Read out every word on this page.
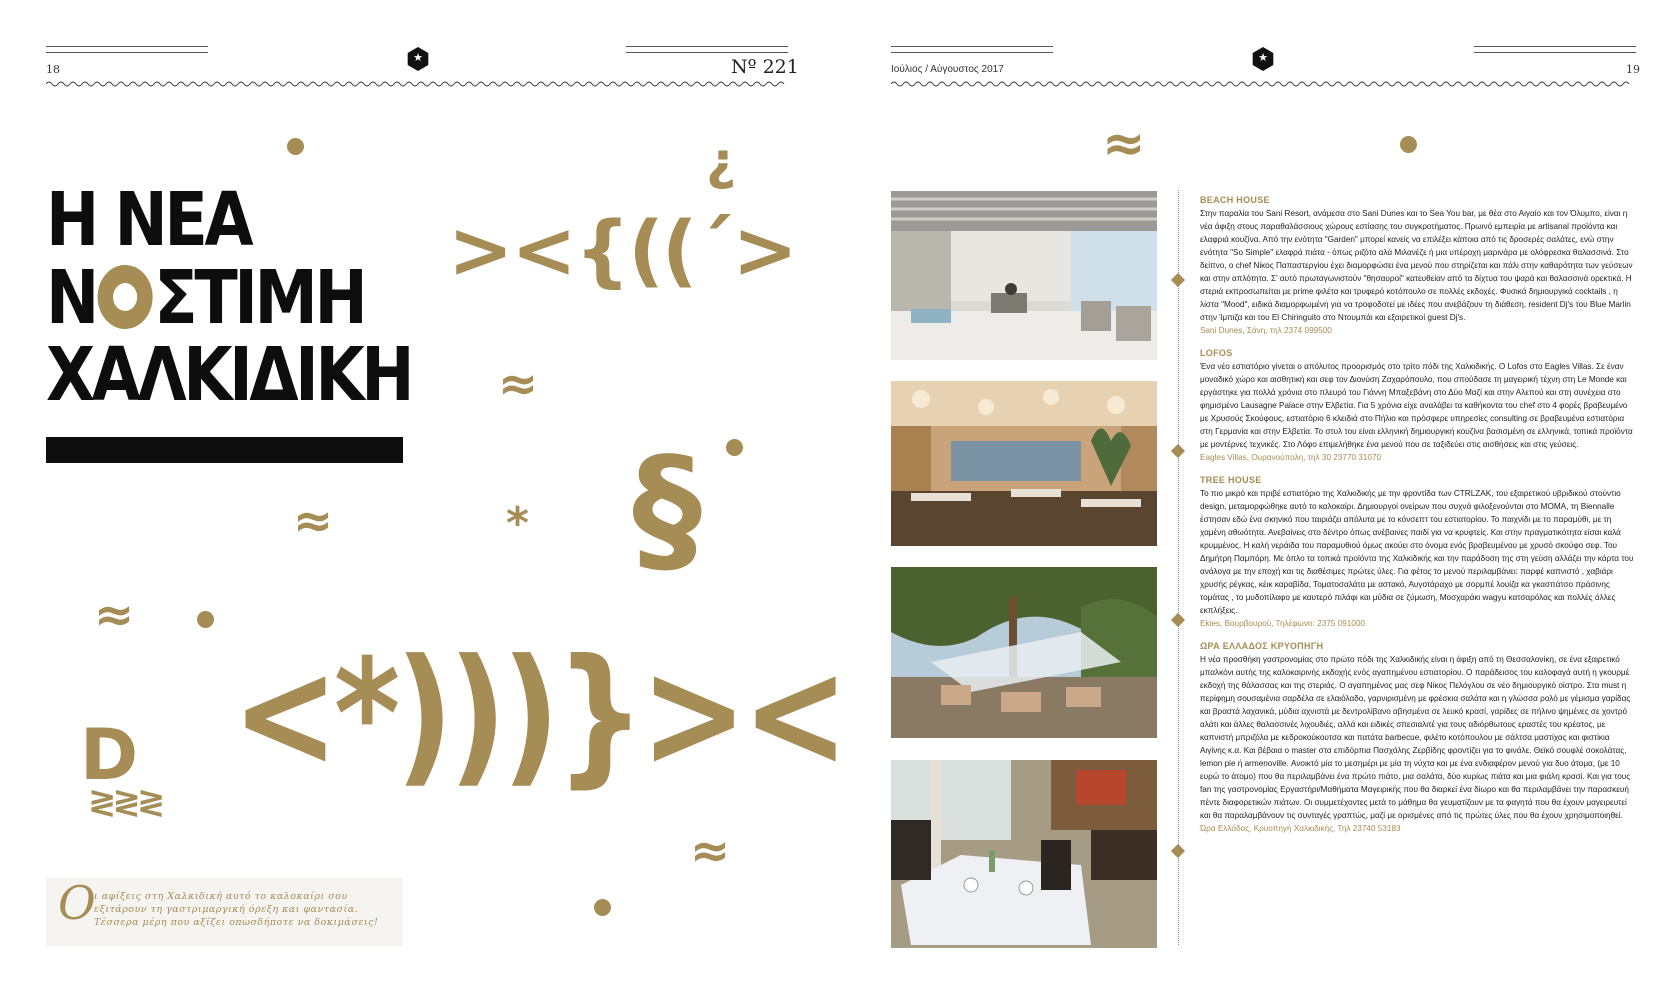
★
18	Nº 221
★	Ιούλιος / Αύγουστος 2017	19
Η ΝΕΑ
Ν ΣΤΙΜΗ
ΧΑΛΚΙΔΙΚΗ
¿
><{((´>
≈
§
≈	*
≈
<*)))}><
D
≷≷≷
≈
≈
Ο
ι αφίξεις στη Χαλκιδική αυτό το καλοκαίρι σου εξιτάρουν τη γαστριμαργική όρεξη και φαντασία. Τέσσερα μέρη που αξίζει οπωσδήποτε να δοκιμάσεις!
BEACH HOUSE

Στην παραλία του Sani Resort, ανάμεσα στο Sani Dunes και το Sea You bar, με θέα στο Αιγαίο και τον Όλυμπο, είναι η νέα άφιξη στους παραθαλάσσιους χώρους εστίασης του συγκροτήματος. Πρωινό εμπειρία με artisanal προϊόντα και ελαφριά κουζίνα. Από την ενότητα "Garden" μπορεί κανείς να επιλέξει κάποια από τις δροσερές σαλάτες, ενώ στην ενότητα "So Simple" ελαφρά πιάτα - όπως ριζότο αλά Μιλανέζε ή μια υπέροχη μαρινάρα με ολόφρεσκα θαλασσινά. Στο δείπνο, ο chef Νίκος Παπαστεργίου έχει διαμορφώσει ένα μενού που στηρίζεται και πάλι στην καθαρότητα των γεύσεων και στην απλότητα. Σ' αυτό πρωταγωνιστούν "θησαυροί" κατευθείαν από τα δίχτυα του ψαρά και θαλασσινά ορεκτικά. Η στεριά εκπροσωπείται με prime φιλέτα και τρυφερό κοτόπουλο σε πολλές εκδοχές. Φυσικά δημιουργικά cocktails , η λίστα "Mood", ειδικά διαμορφωμένη για να τροφοδοτεί με ιδέες που ανεβάζουν τη διάθεση, resident Dj's του Blue Marlin στην Ίμπιζα και του El Chiringuito στο Ντουμπάι και εξαιρετικοί guest Dj's.

Sani Dunes, Σάνη, τηλ 2374 099500
LOFOS

Ένα νέο εστιατόριο γίνεται ο απόλυτος προορισμός στο τρίτο πόδι της Χαλκιδικής. Ο Lofos στο Eagles Villas. Σε έναν μοναδικό χώρο και αισθητική και σεφ τον Διονύση Ζαχαρόπουλο, που σπούδασε τη μαγειρική τέχνη στη Le Monde και εργάστηκε για πολλά χρόνια στο πλευρό του Γιάννη Μπαξεβάνη στο Δύο Μαζί και στην Αλεπού και στη συνέχεια στο φημισμένο Lausagne Palace στην Ελβετία. Για 5 χρόνια είχε αναλάβει τα καθήκοντα του chef στο 4 φορές βραβευμένο με Χρυσούς Σκούφους, εστιατόριο 6 κλειδιά στο Πήλιο και πρόσφερε υπηρεσίες consulting σε βραβευμένα εστιατόρια στη Γερμανία και στην Ελβετία. Το στυλ του είναι ελληνική δημιουργική κουζίνα βασισμένη σε ελληνικά, τοπικά προϊόντα με μοντέρνες τεχνικές. Στο Λόφο επιμελήθηκε ένα μενού που σε ταξιδεύει στις αισθήσεις και στις γεύσεις.

Eagles Villas, Ουρανούπολη, τηλ 30 23770 31070
TREE HOUSE

Το πιο μικρό και πριβέ εστιατόριο της Χαλκιδικής με την φροντίδα των CTRLZAK, του εξαιρετικού υβριδικού στούντιο design, μεταμορφώθηκε αυτό το καλοκαίρι. Δημιουργοί ονείρων που συχνά φιλοξενούνται στο MOMA, τη Biennalle έστησαν εδώ ένα σκηνικό που ταιριάζει απόλυτα με το κόνσεπτ του εστιατορίου. Το παιχνίδι με το παραμύθι, με τη χαμένη αθωότητα. Ανεβαίνεις στο δέντρο όπως ανέβαινες παιδί για να κρυφτείς. Και στην πραγματικότητα είσαι καλά κρυμμένος. Η καλή νεράιδα του παραμυθιού όμως ακούει στο όνομα ενός βραβευμένου με χρυσό σκούφο σεφ. Του Δημήτρη Παμπόρη. Με όπλο τα τοπικά προϊόντα της Χαλκιδικής και την παράδοση της στη γεύση αλλάζει την κάρτα του ανάλογα με την εποχή και τις διαθέσιμες πρώτες ύλες. Για φέτος το μενού περιλαμβάνει: παρφέ καπνιστό , χαβιάρι χρυσής ρέγκας, κέικ καραβίδα, Τοματοσαλάτα με αστακό, Αυγοτάραχο με σορμπέ λουίζα κα γκασπάτσο πράσινης τομάτας , το μυδοπίλαφο με καυτερό πιλάφι και μύδια σε ζύμωση, Μοσχαράκι wagyu κατσαρόλας και πολλές άλλες εκπλήξεις.

Ekies, Βουρβουρού, Τηλέφωνο: 2375 091000
ΩΡΑ ΕΛΛΑΔΟΣ ΚΡΥΟΠΗΓΗ

Η νέα προσθήκη γαστρονομίας στο πρώτο πόδι της Χαλκιδικής είναι η άφιξη από τη Θεσσαλονίκη, σε ένα εξαιρετικό μπαλκόνι αυτής της καλοκαιρινής εκδοχής ενός αγαπημένου εστιατορίου. Ο παράδεισος του καλοφαγά αυτή η γκουρμέ εκδοχή της θάλασσας και της στεριάς. Ο αγαπημένος μας σεφ Νίκος Πελόγλου σε νέο δημιουργικό οίστρο. Στα must η περίφημη σουσαμένια σαρδέλα σε ελαιόλαδο, γαρνιρισμένη με φρέσκια σαλάτα και η γλώσσα ρολό με γέμισμα γαρίδας και βραστά λαχανικά, μύδια αχνιστά με δεντρολίβανο αβησμένα σε λευκό κρασί, γαρίδες σε πήλινο ψημένες σε χοντρό αλάτι και άλλες θαλασσινές λιχουδιές, αλλά και ειδικές σπεσιαλιτέ για τους αδιόρθωτους εραστές του κρέατος, με καπνιστή μπριζόλα με κεδροκούκουτσα και πατάτα barbecue, φιλέτο κοτόπουλου με σάλτσα μαστίχας και φιστίκια Αιγίνης κ.α. Και βέβαια ο master στα επιδόρπια Πασχάλης Ζερβίδης φροντίζει για το φινάλε. Θεϊκό σουφλέ σοκολάτας, lemon pie ή armenoville. Ανοικτό μία το μεσημέρι με μία τη νύχτα και με ένα ενδιαφέρον μενού για δυο άτομα, (με 10 ευρώ το άτομο) που θα περιλαμβάνει ένα πρώτο πιάτο, μια σαλάτα, δύο κυρίως πιάτα και μια φιάλη κρασί. Και για τους fan της γαστρονομίας Εργαστήρι/Μαθήματα Μαγειρικής που θα διαρκεί ένα δίωρο και θα περιλαμβάνει την παρασκευή πέντε διαφορετικών πιάτων. Οι συμμετέχοντες μετά το μάθημα θα γευματίζουν με τα φαγητά που θα έχουν μαγειρευτεί και θα παραλαμβάνουν τις συνταγές γραπτώς, μαζί με ορισμένες από τις πρώτες ύλες που θα έχουν χρησιμοποιηθεί.

Ώρα Ελλάδος, Κρυοπηγή Χαλκιδικής, Τηλ 23740 53183
